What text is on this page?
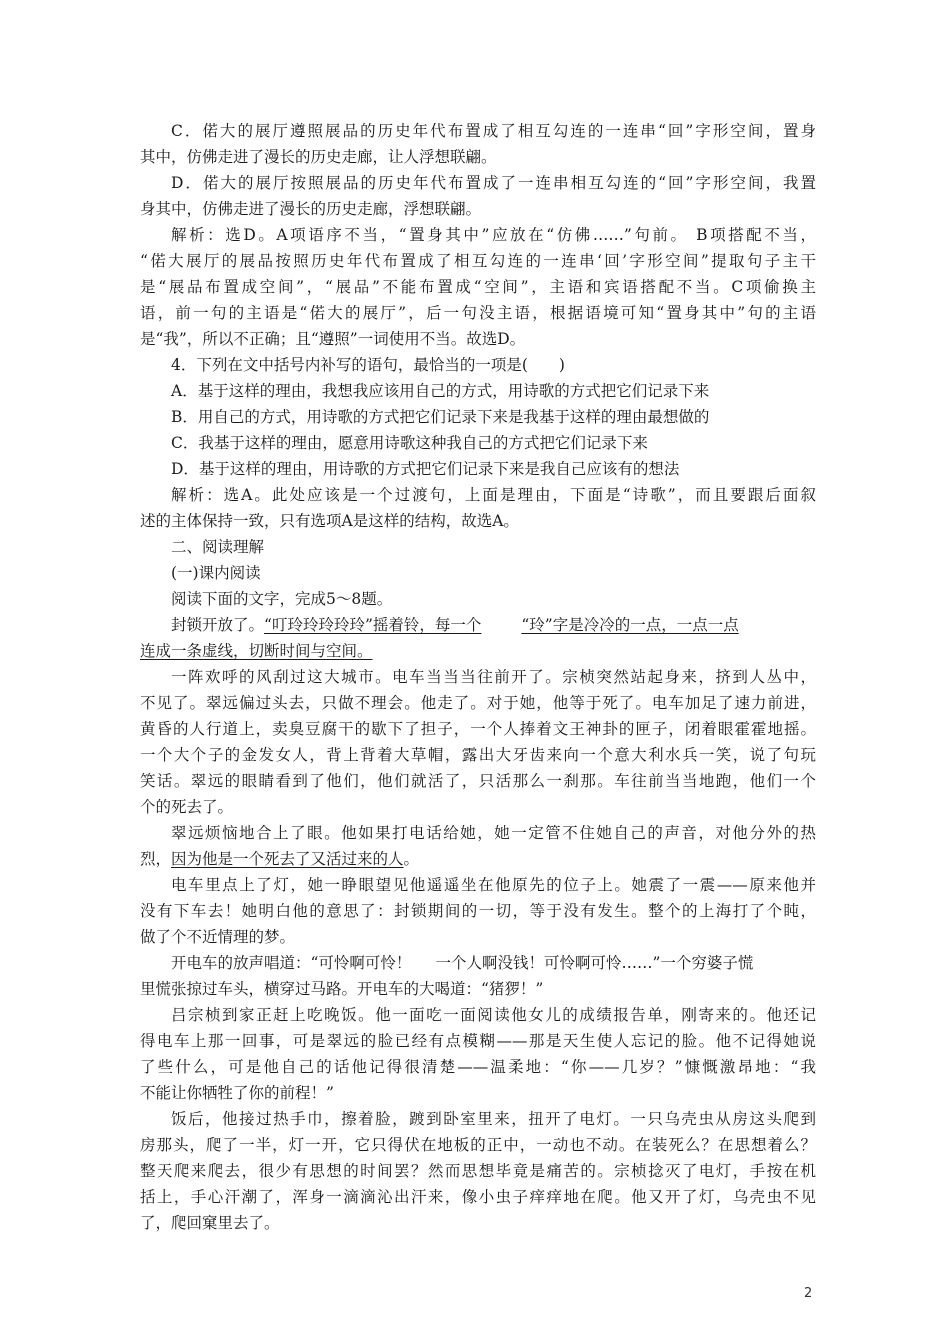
C．偌大的展厅遵照展品的历史年代布置成了相互勾连的一连串“回”字形空间，置身
其中，仿佛走进了漫长的历史走廊，让人浮想联翩。
D．偌大的展厅按照展品的历史年代布置成了一连串相互勾连的“回”字形空间，我置
身其中，仿佛走进了漫长的历史走廊，浮想联翩。
解析：选D。A项语序不当，“置身其中”应放在“仿佛……”句前。 B项搭配不当，
“偌大展厅的展品按照历史年代布置成了相互勾连的一连串‘回’字形空间”提取句子主干
是“展品布置成空间”，“展品”不能布置成“空间”，主语和宾语搭配不当。C项偷换主
语，前一句的主语是“偌大的展厅”，后一句没主语，根据语境可知“置身其中”句的主语
是“我”，所以不正确；且“遵照”一词使用不当。故选D。
4．下列在文中括号内补写的语句，最恰当的一项是(　　)
A．基于这样的理由，我想我应该用自己的方式，用诗歌的方式把它们记录下来
B．用自己的方式，用诗歌的方式把它们记录下来是我基于这样的理由最想做的
C．我基于这样的理由，愿意用诗歌这种我自己的方式把它们记录下来
D．基于这样的理由，用诗歌的方式把它们记录下来是我自己应该有的想法
解析：选A。此处应该是一个过渡句，上面是理由，下面是“诗歌”，而且要跟后面叙
述的主体保持一致，只有选项A是这样的结构，故选A。
二、阅读理解
(一)课内阅读
阅读下面的文字，完成5～8题。
封锁开放了。“叮玲玲玲玲玲”摇着铃，每一个	“玲”字是冷冷的一点，一点一点
连成一条虚线，切断时间与空间。
一阵欢呼的风刮过这大城市。电车当当当往前开了。宗桢突然站起身来，挤到人丛中，
不见了。翠远偏过头去，只做不理会。他走了。对于她，他等于死了。电车加足了速力前进，
黄昏的人行道上，卖臭豆腐干的歇下了担子，一个人捧着文王神卦的匣子，闭着眼霍霍地摇。
一个大个子的金发女人，背上背着大草帽，露出大牙齿来向一个意大利水兵一笑，说了句玩
笑话。翠远的眼睛看到了他们，他们就活了，只活那么一刹那。车往前当当地跑，他们一个
个的死去了。
翠远烦恼地合上了眼。他如果打电话给她，她一定管不住她自己的声音，对他分外的热
烈，因为他是一个死去了又活过来的人。
电车里点上了灯，她一睁眼望见他遥遥坐在他原先的位子上。她震了一震——原来他并
没有下车去！她明白他的意思了：封锁期间的一切，等于没有发生。整个的上海打了个盹，
做了个不近情理的梦。
开电车的放声唱道：“可怜啊可怜！ 一个人啊没钱！可怜啊可怜……”一个穷婆子慌
里慌张掠过车头，横穿过马路。开电车的大喝道：“猪猡！”
吕宗桢到家正赶上吃晚饭。他一面吃一面阅读他女儿的成绩报告单，刚寄来的。他还记
得电车上那一回事，可是翠远的脸已经有点模糊——那是天生使人忘记的脸。他不记得她说
了些什么，可是他自己的话他记得很清楚——温柔地：“你——几岁？”慷慨激昂地：“我
不能让你牺牲了你的前程！”
饭后，他接过热手巾，擦着脸，踱到卧室里来，扭开了电灯。一只乌壳虫从房这头爬到
房那头，爬了一半，灯一开，它只得伏在地板的正中，一动也不动。在装死么？在思想着么？
整天爬来爬去，很少有思想的时间罢？然而思想毕竟是痛苦的。宗桢捻灭了电灯，手按在机
括上，手心汗潮了，浑身一滴滴沁出汗来，像小虫子痒痒地在爬。他又开了灯，乌壳虫不见
了，爬回窠里去了。
2
